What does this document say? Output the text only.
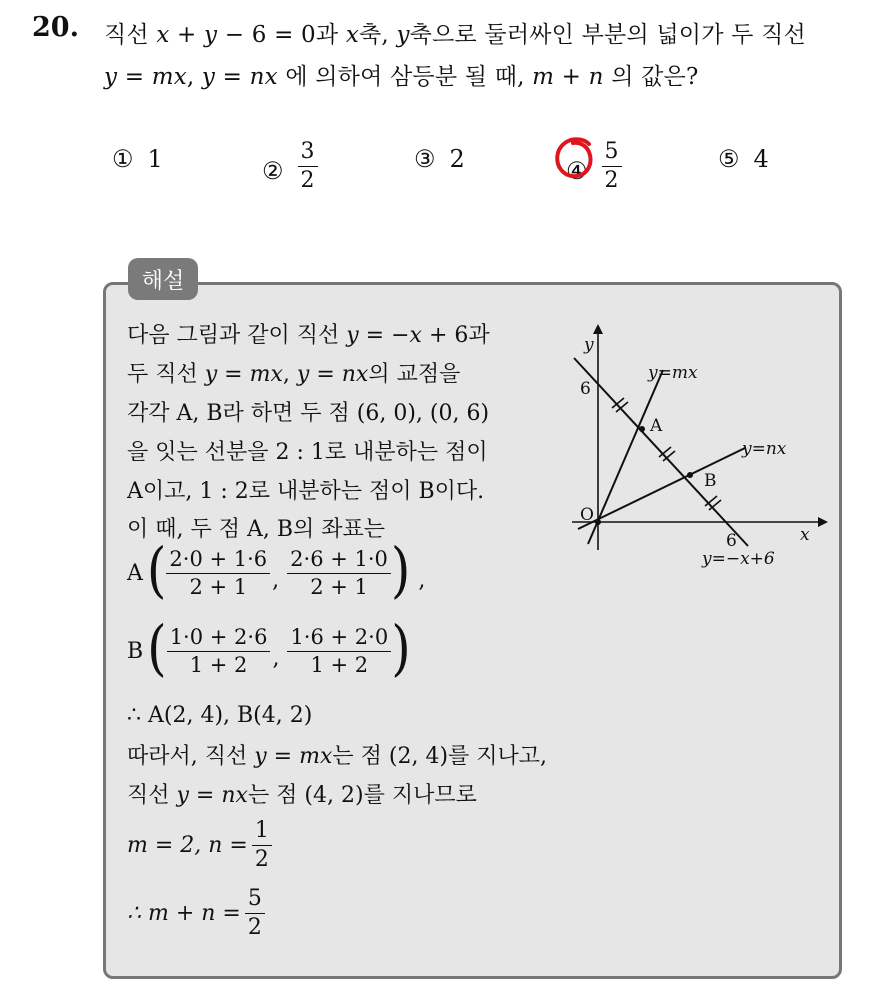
20. 직선 x + y − 6 = 0과 x축, y축으로 둘러싸인 부분의 넓이가 두 직선
y = mx, y = nx 에 의하여 삼등분 될 때, m + n 의 값은?
① 1	② $\frac{3}{2}$	③ 2	④ $\frac{5}{2}$	⑤ 4
해설
다음 그림과 같이 직선 y = −x + 6과
두 직선 y = mx, y = nx의 교점을
각각 A, B라 하면 두 점 (6, 0), (0, 6)
을 잇는 선분을 2 : 1로 내분하는 점이
A이고, 1 : 2로 내분하는 점이 B이다.
이 때, 두 점 A, B의 좌표는
A ( $\frac{2\cdot 0 + 1\cdot 6}{2 + 1}$ , $\frac{2\cdot 6 + 1\cdot 0}{2 + 1}$ ) ,
B ( $\frac{1\cdot 0 + 2\cdot 6}{1 + 2}$ , $\frac{1\cdot 6 + 2\cdot 0}{1 + 2}$ )
∴ A(2, 4), B(4, 2)
따라서, 직선 y = mx는 점 (2, 4)를 지나고,
직선 y = nx는 점 (4, 2)를 지나므로
m = 2, $n = \frac{1}{2}$
∴ $m + n = \frac{5}{2}$
y
x
O
6
6
A
B
y=mx
y=nx
y=−x+6
